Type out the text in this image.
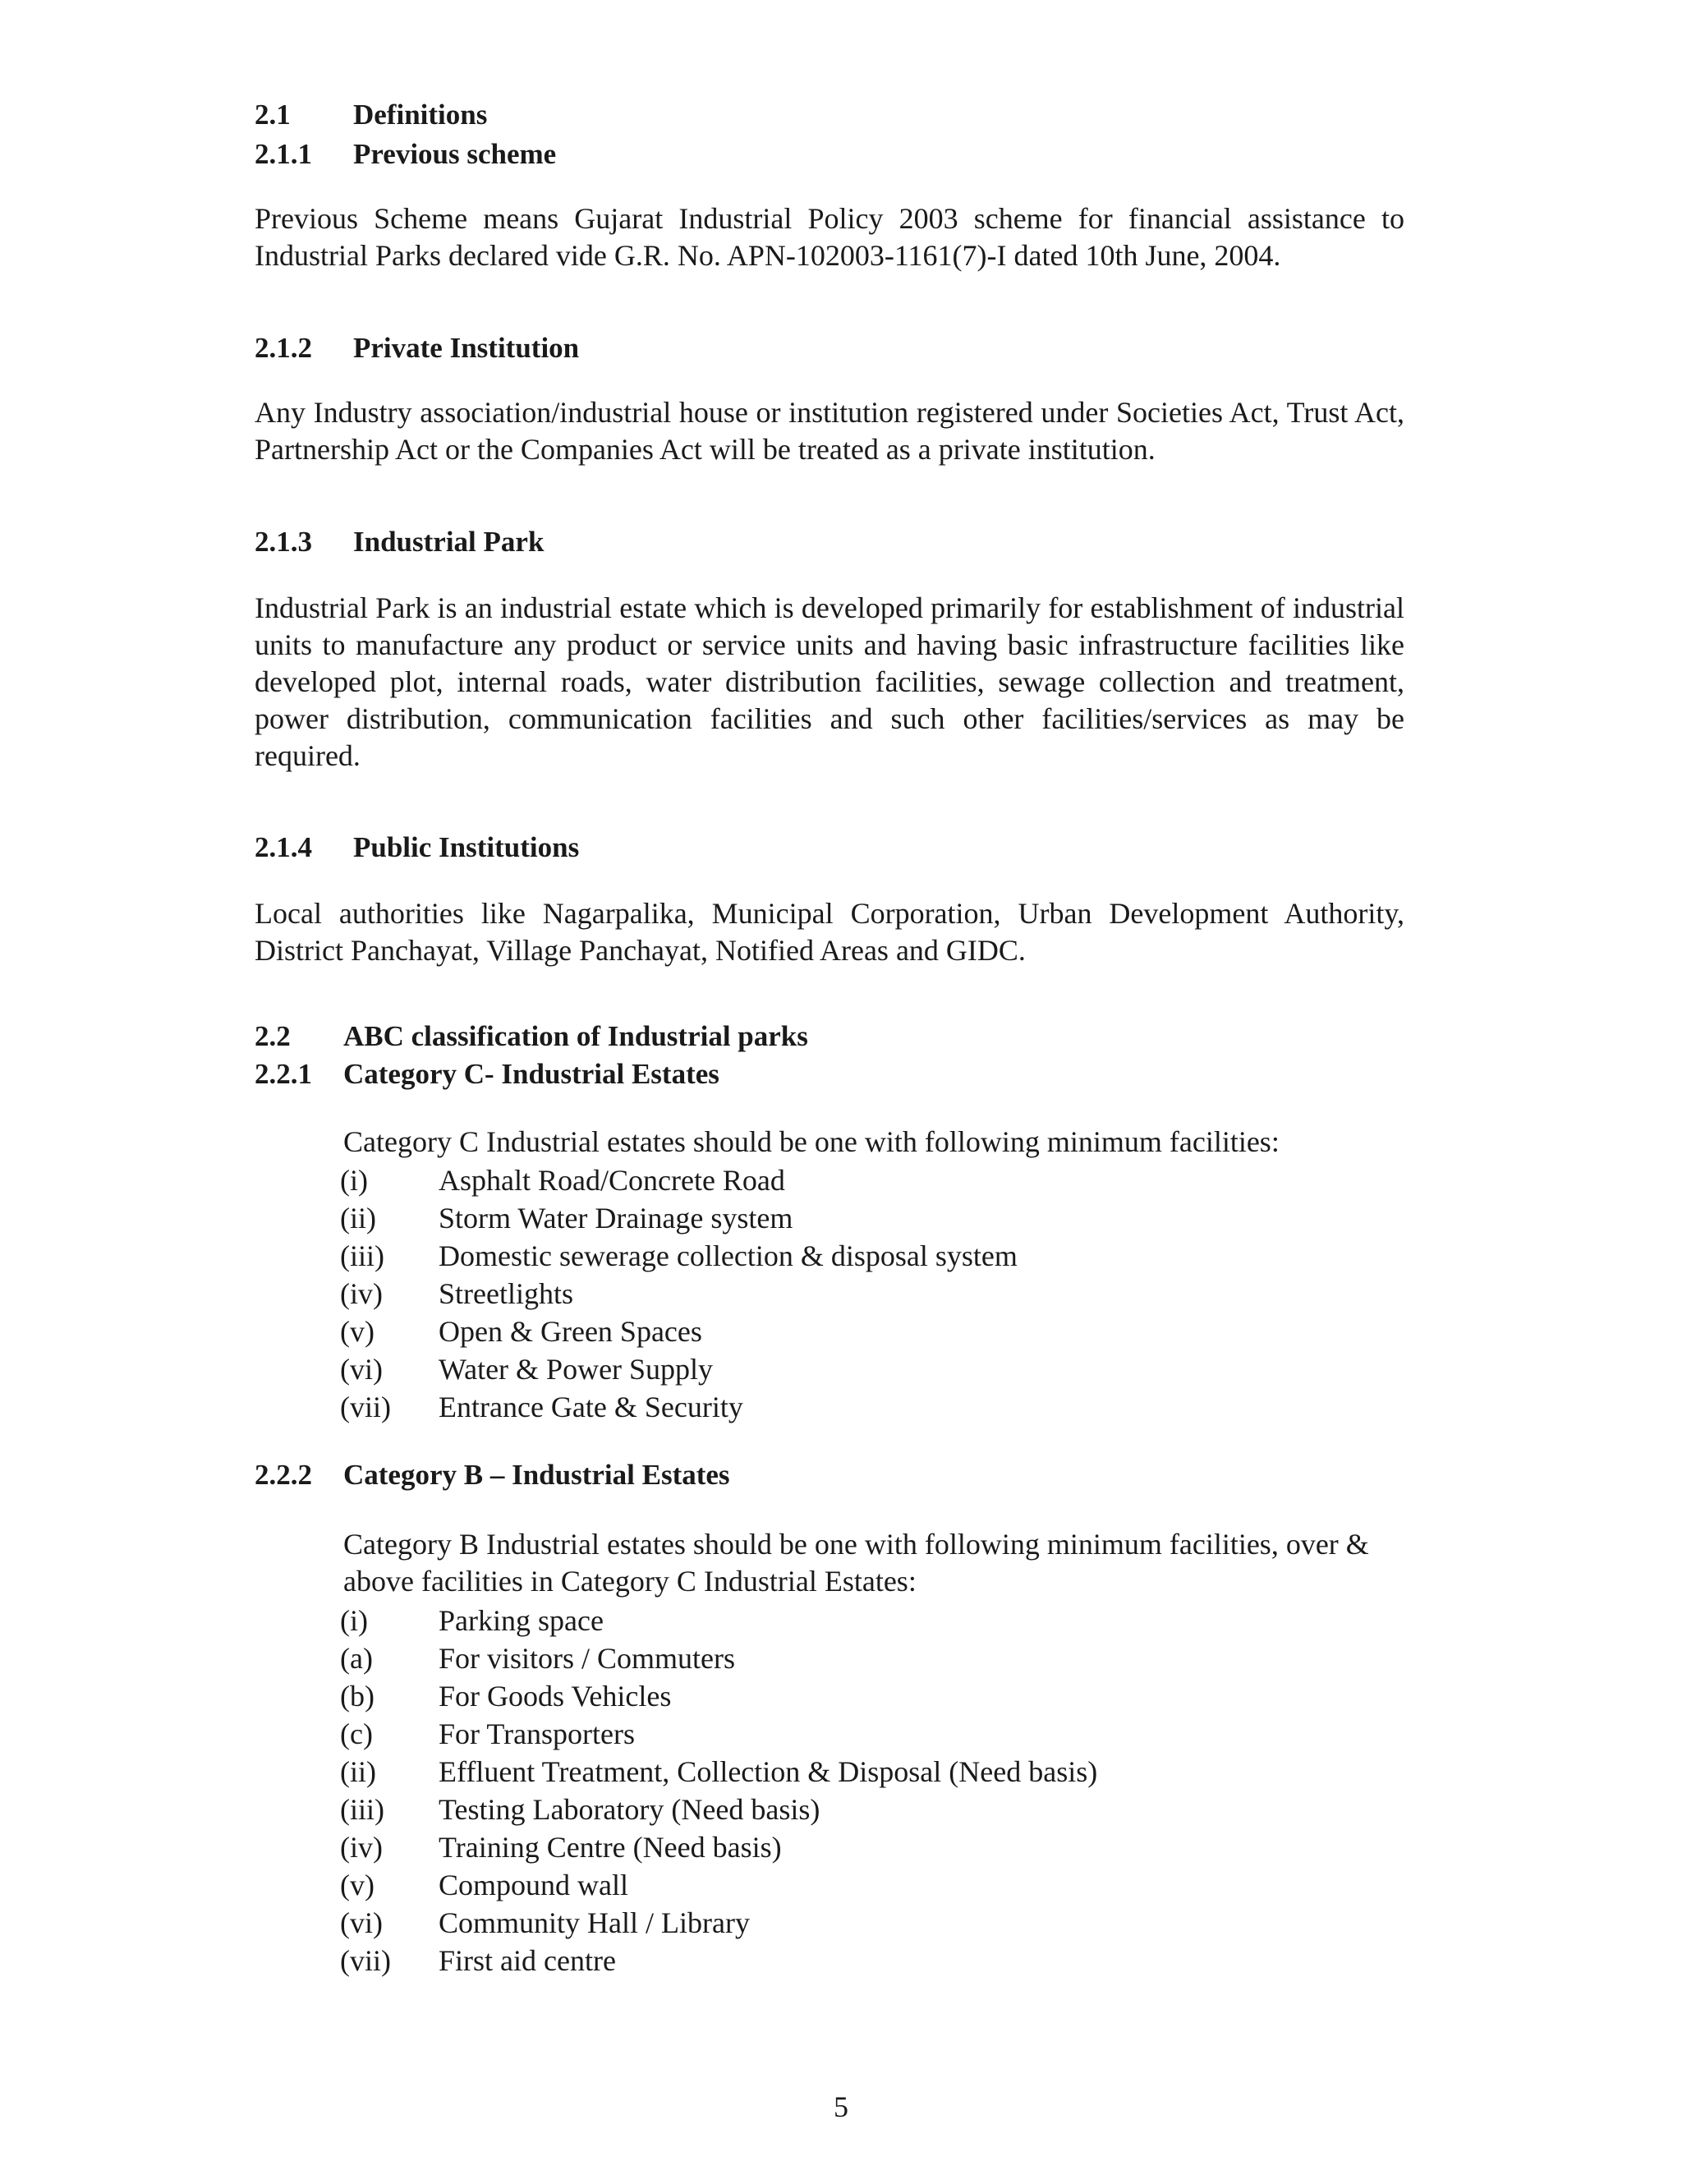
2.1 Definitions
2.1.1 Previous scheme

Previous Scheme means Gujarat Industrial Policy 2003 scheme for financial assistance to Industrial Parks declared vide G.R. No. APN-102003-1161(7)-I dated 10th June, 2004.

2.1.2 Private Institution

Any Industry association/industrial house or institution registered under Societies Act, Trust Act, Partnership Act or the Companies Act will be treated as a private institution.

2.1.3 Industrial Park

Industrial Park is an industrial estate which is developed primarily for establishment of industrial units to manufacture any product or service units and having basic infrastructure facilities like developed plot, internal roads, water distribution facilities, sewage collection and treatment, power distribution, communication facilities and such other facilities/services as may be required.

2.1.4 Public Institutions

Local authorities like Nagarpalika, Municipal Corporation, Urban Development Authority, District Panchayat, Village Panchayat, Notified Areas and GIDC.

2.2 ABC classification of Industrial parks
2.2.1 Category C- Industrial Estates

Category C Industrial estates should be one with following minimum facilities:

(i) Asphalt Road/Concrete Road
(ii) Storm Water Drainage system
(iii) Domestic sewerage collection & disposal system
(iv) Streetlights
(v) Open & Green Spaces
(vi) Water & Power Supply
(vii) Entrance Gate & Security
2.2.2 Category B – Industrial Estates

Category B Industrial estates should be one with following minimum facilities, over & above facilities in Category C Industrial Estates:

(i) Parking space
(a) For visitors / Commuters
(b) For Goods Vehicles
(c) For Transporters
(ii) Effluent Treatment, Collection & Disposal (Need basis)
(iii) Testing Laboratory (Need basis)
(iv) Training Centre (Need basis)
(v) Compound wall
(vi) Community Hall / Library
(vii) First aid centre
5
